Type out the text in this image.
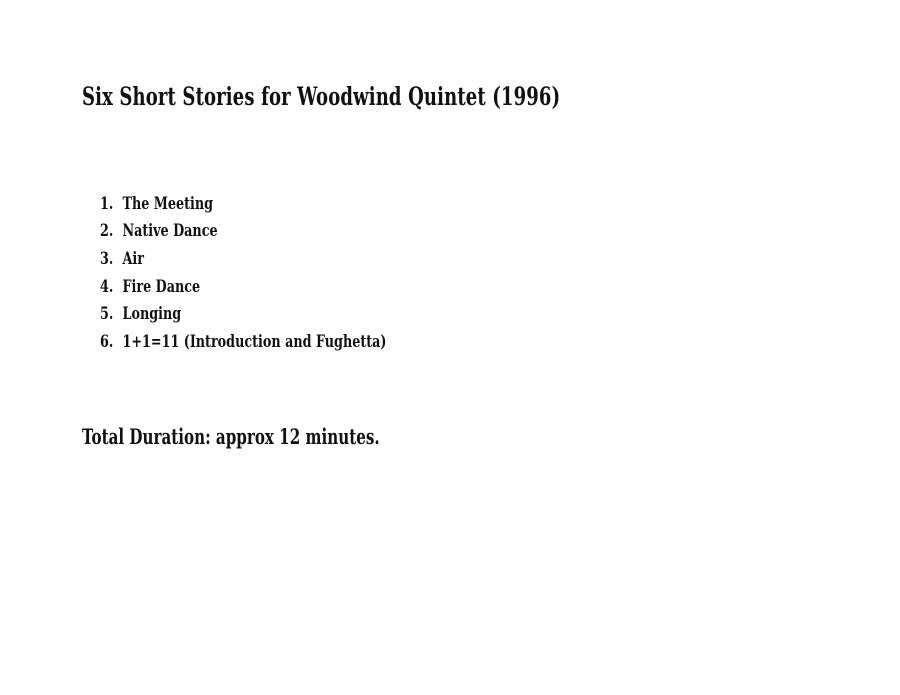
Six Short Stories for Woodwind Quintet (1996)
1. The Meeting
2. Native Dance
3. Air
4. Fire Dance
5. Longing
6. 1+1=11 (Introduction and Fughetta)

Total Duration: approx 12 minutes.
